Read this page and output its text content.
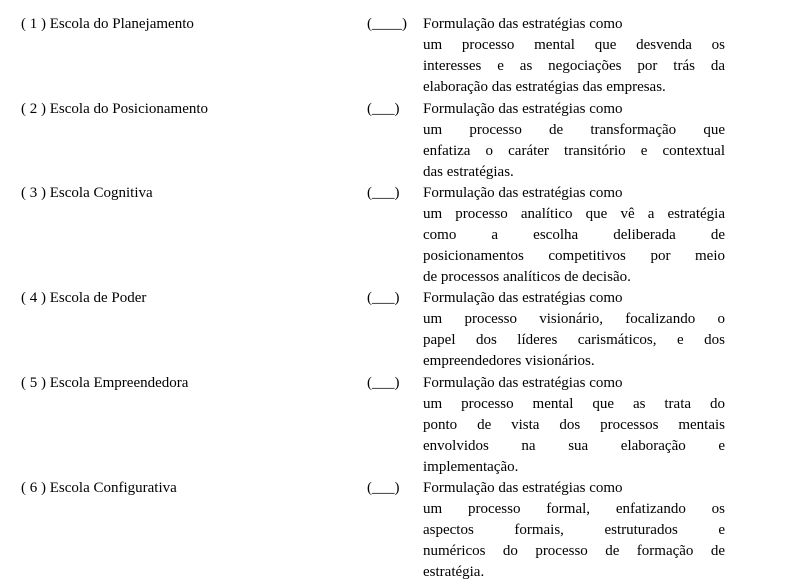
( 1 ) Escola do Planejamento	(____) Formulação das estratégias como
um processo mental que desvenda os
interesses e as negociações por trás da
elaboração das estratégias das empresas.
( 2 ) Escola do Posicionamento	(___) Formulação das estratégias como
um processo de transformação que
enfatiza o caráter transitório e contextual
das estratégias.
( 3 ) Escola Cognitiva	(___) Formulação das estratégias como
um processo analítico que vê a estratégia
como a escolha deliberada de
posicionamentos competitivos por meio
de processos analíticos de decisão.
( 4 ) Escola de Poder	(___) Formulação das estratégias como
um processo visionário, focalizando o
papel dos líderes carismáticos, e dos
empreendedores visionários.
( 5 ) Escola Empreendedora	(___) Formulação das estratégias como
um processo mental que as trata do
ponto de vista dos processos mentais
envolvidos na sua elaboração e
implementação.
( 6 ) Escola Configurativa	(___) Formulação das estratégias como
um processo formal, enfatizando os
aspectos formais, estruturados e
numéricos do processo de formação de
estratégia.
